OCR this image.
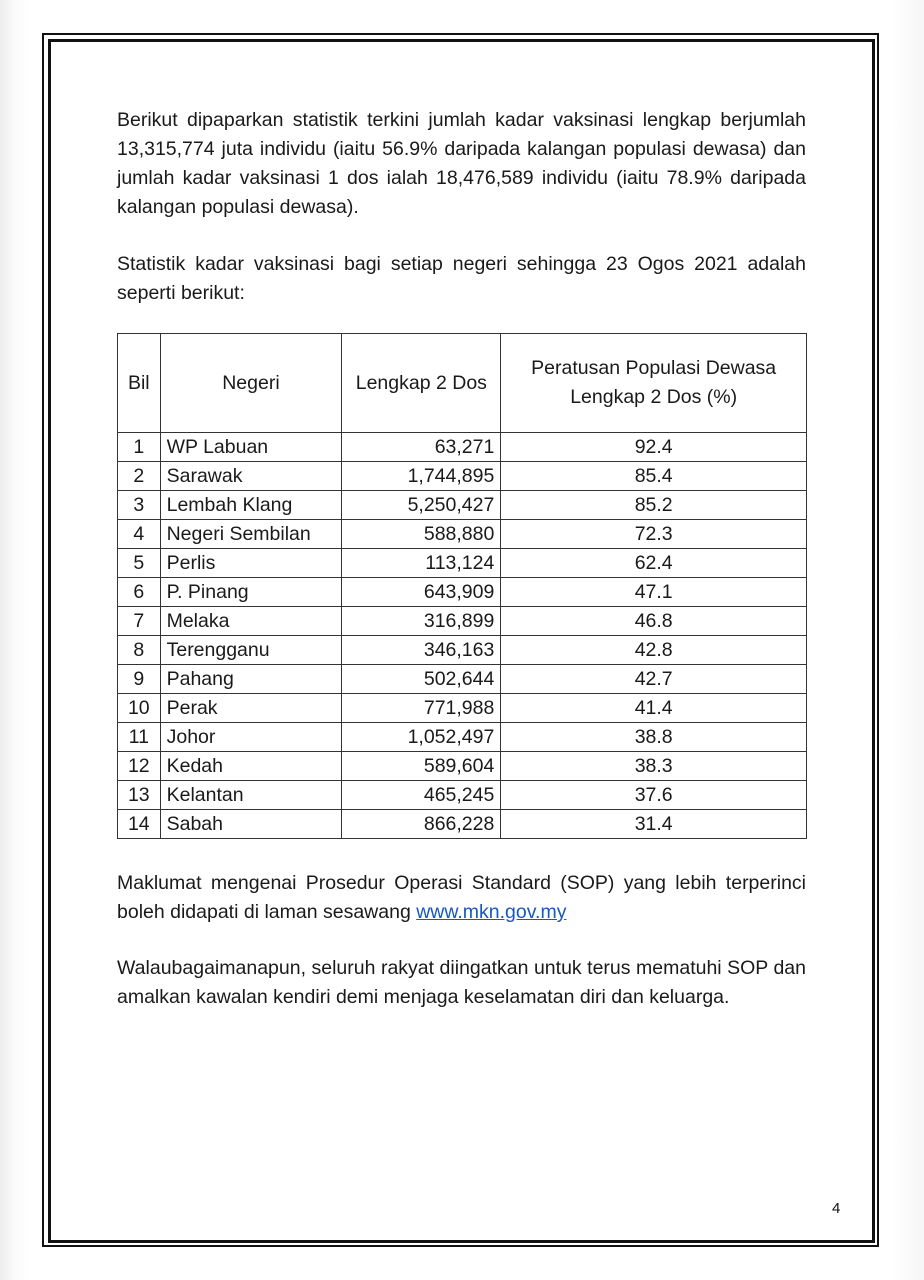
Berikut dipaparkan statistik terkini jumlah kadar vaksinasi lengkap berjumlah 13,315,774 juta individu (iaitu 56.9% daripada kalangan populasi dewasa) dan jumlah kadar vaksinasi 1 dos ialah 18,476,589 individu (iaitu 78.9% daripada kalangan populasi dewasa).

Statistik kadar vaksinasi bagi setiap negeri sehingga 23 Ogos 2021 adalah seperti berikut:

Bil	Negeri	Lengkap 2 Dos	Peratusan Populasi Dewasa Lengkap 2 Dos (%)
1	WP Labuan	63,271	92.4
2	Sarawak	1,744,895	85.4
3	Lembah Klang	5,250,427	85.2
4	Negeri Sembilan	588,880	72.3
5	Perlis	113,124	62.4
6	P. Pinang	643,909	47.1
7	Melaka	316,899	46.8
8	Terengganu	346,163	42.8
9	Pahang	502,644	42.7
10	Perak	771,988	41.4
11	Johor	1,052,497	38.8
12	Kedah	589,604	38.3
13	Kelantan	465,245	37.6
14	Sabah	866,228	31.4

Maklumat mengenai Prosedur Operasi Standard (SOP) yang lebih terperinci boleh didapati di laman sesawang www.mkn.gov.my

Walaubagaimanapun, seluruh rakyat diingatkan untuk terus mematuhi SOP dan amalkan kawalan kendiri demi menjaga keselamatan diri dan keluarga.

4
